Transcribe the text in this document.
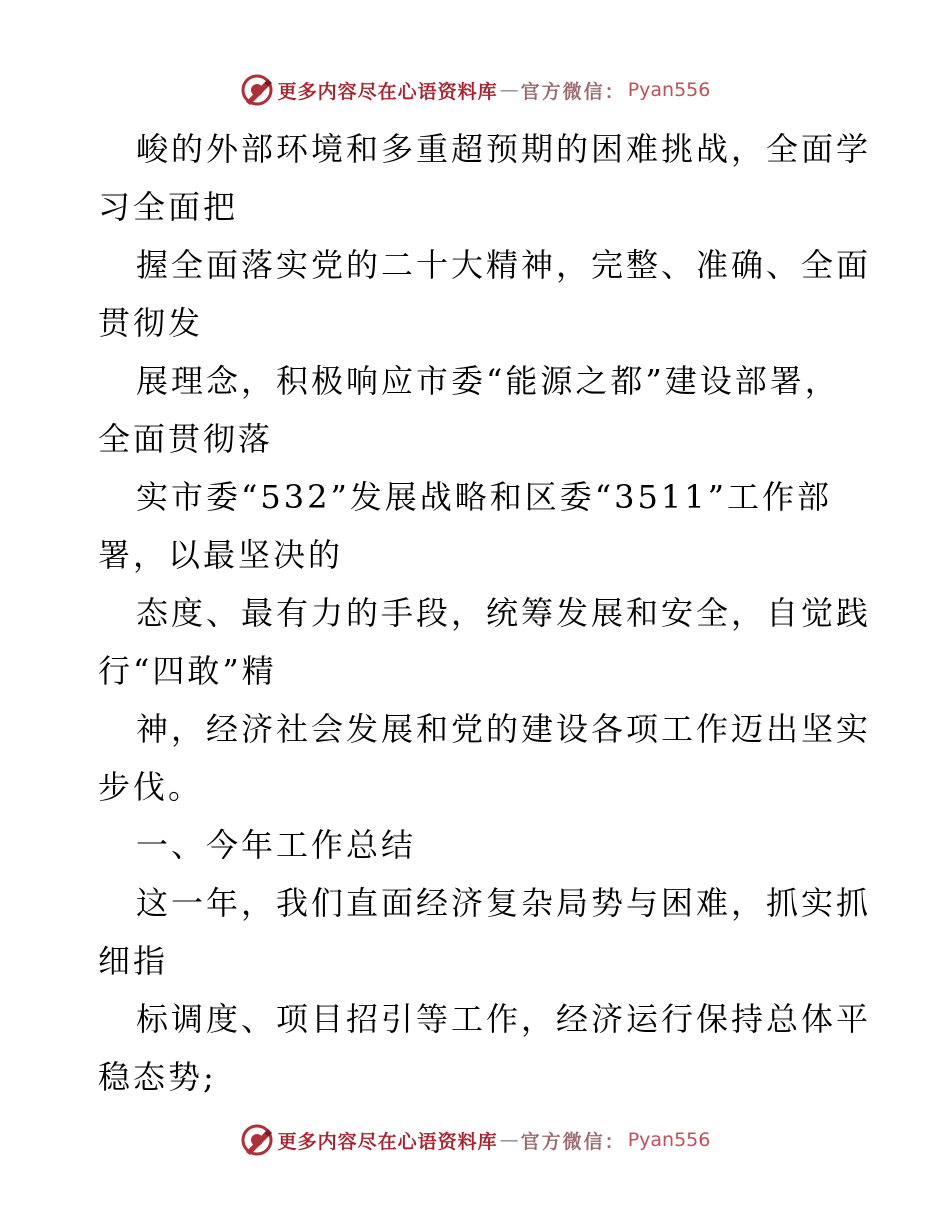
更多内容尽在心语资料库 — 官方微信： Pyan556
峻的外部环境和多重超预期的困难挑战，全面学
习全面把
握全面落实党的二十大精神，完整、准确、全面
贯彻发
展理念，积极响应市委“能源之都”建设部署，
全面贯彻落
实市委“532”发展战略和区委“3511”工作部
署，以最坚决的
态度、最有力的手段，统筹发展和安全，自觉践
行“四敢”精
神，经济社会发展和党的建设各项工作迈出坚实
步伐。
一、今年工作总结
这一年，我们直面经济复杂局势与困难，抓实抓
细指
标调度、项目招引等工作，经济运行保持总体平
稳态势;
更多内容尽在心语资料库 — 官方微信： Pyan556
